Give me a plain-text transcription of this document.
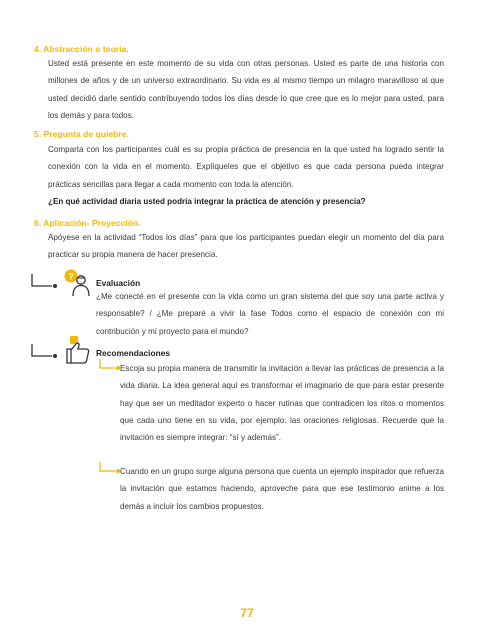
4. Abstracción o teoría.

Usted está presente en este momento de su vida con otras personas. Usted es parte de una historia con millones de años y de un universo extraordinario. Su vida es al mismo tiempo un milagro maravilloso al que usted decidió darle sentido contribuyendo todos los días desde lo que cree que es lo mejor para usted, para los demás y para todos.

5. Pregunta de quiebre.

Comparta con los participantes cuál es su propia práctica de presencia en la que usted ha logrado sentir la conexión con la vida en el momento. Explíqueles que el objetivo es que cada persona pueda integrar prácticas sencillas para llegar a cada momento con toda la atención.

¿En qué actividad diaria usted podría integrar la práctica de atención y presencia?

6. Aplicación- Proyección.

Apóyese en la actividad “Todos los días” para que los participantes puedan elegir un momento del día para practicar su propia manera de hacer presencia.

?
Evaluación
¿Me conecté en el presente con la vida como un gran sistema del que soy una parte activa y responsable? / ¿Me preparé a vivir la fase Todos como el espacio de conexión con mi contribución y mi proyecto para el mundo?
Recomendaciones
Escoja su propia manera de transmitir la invitación a llevar las prácticas de presencia a la vida diaria. La idea general aquí es transformar el imaginario de que para estar presente hay que ser un meditador experto o hacer rutinas que contradicen los ritos o momentos que cada uno tiene en su vida, por ejemplo: las oraciones religiosas. Recuerde que la invitación es siempre integrar: “sí y además”.
Cuando en un grupo surge alguna persona que cuenta un ejemplo inspirador que refuerza la invitación que estamos haciendo, aproveche para que ese testimonio anime a los demás a incluir los cambios propuestos.
77
